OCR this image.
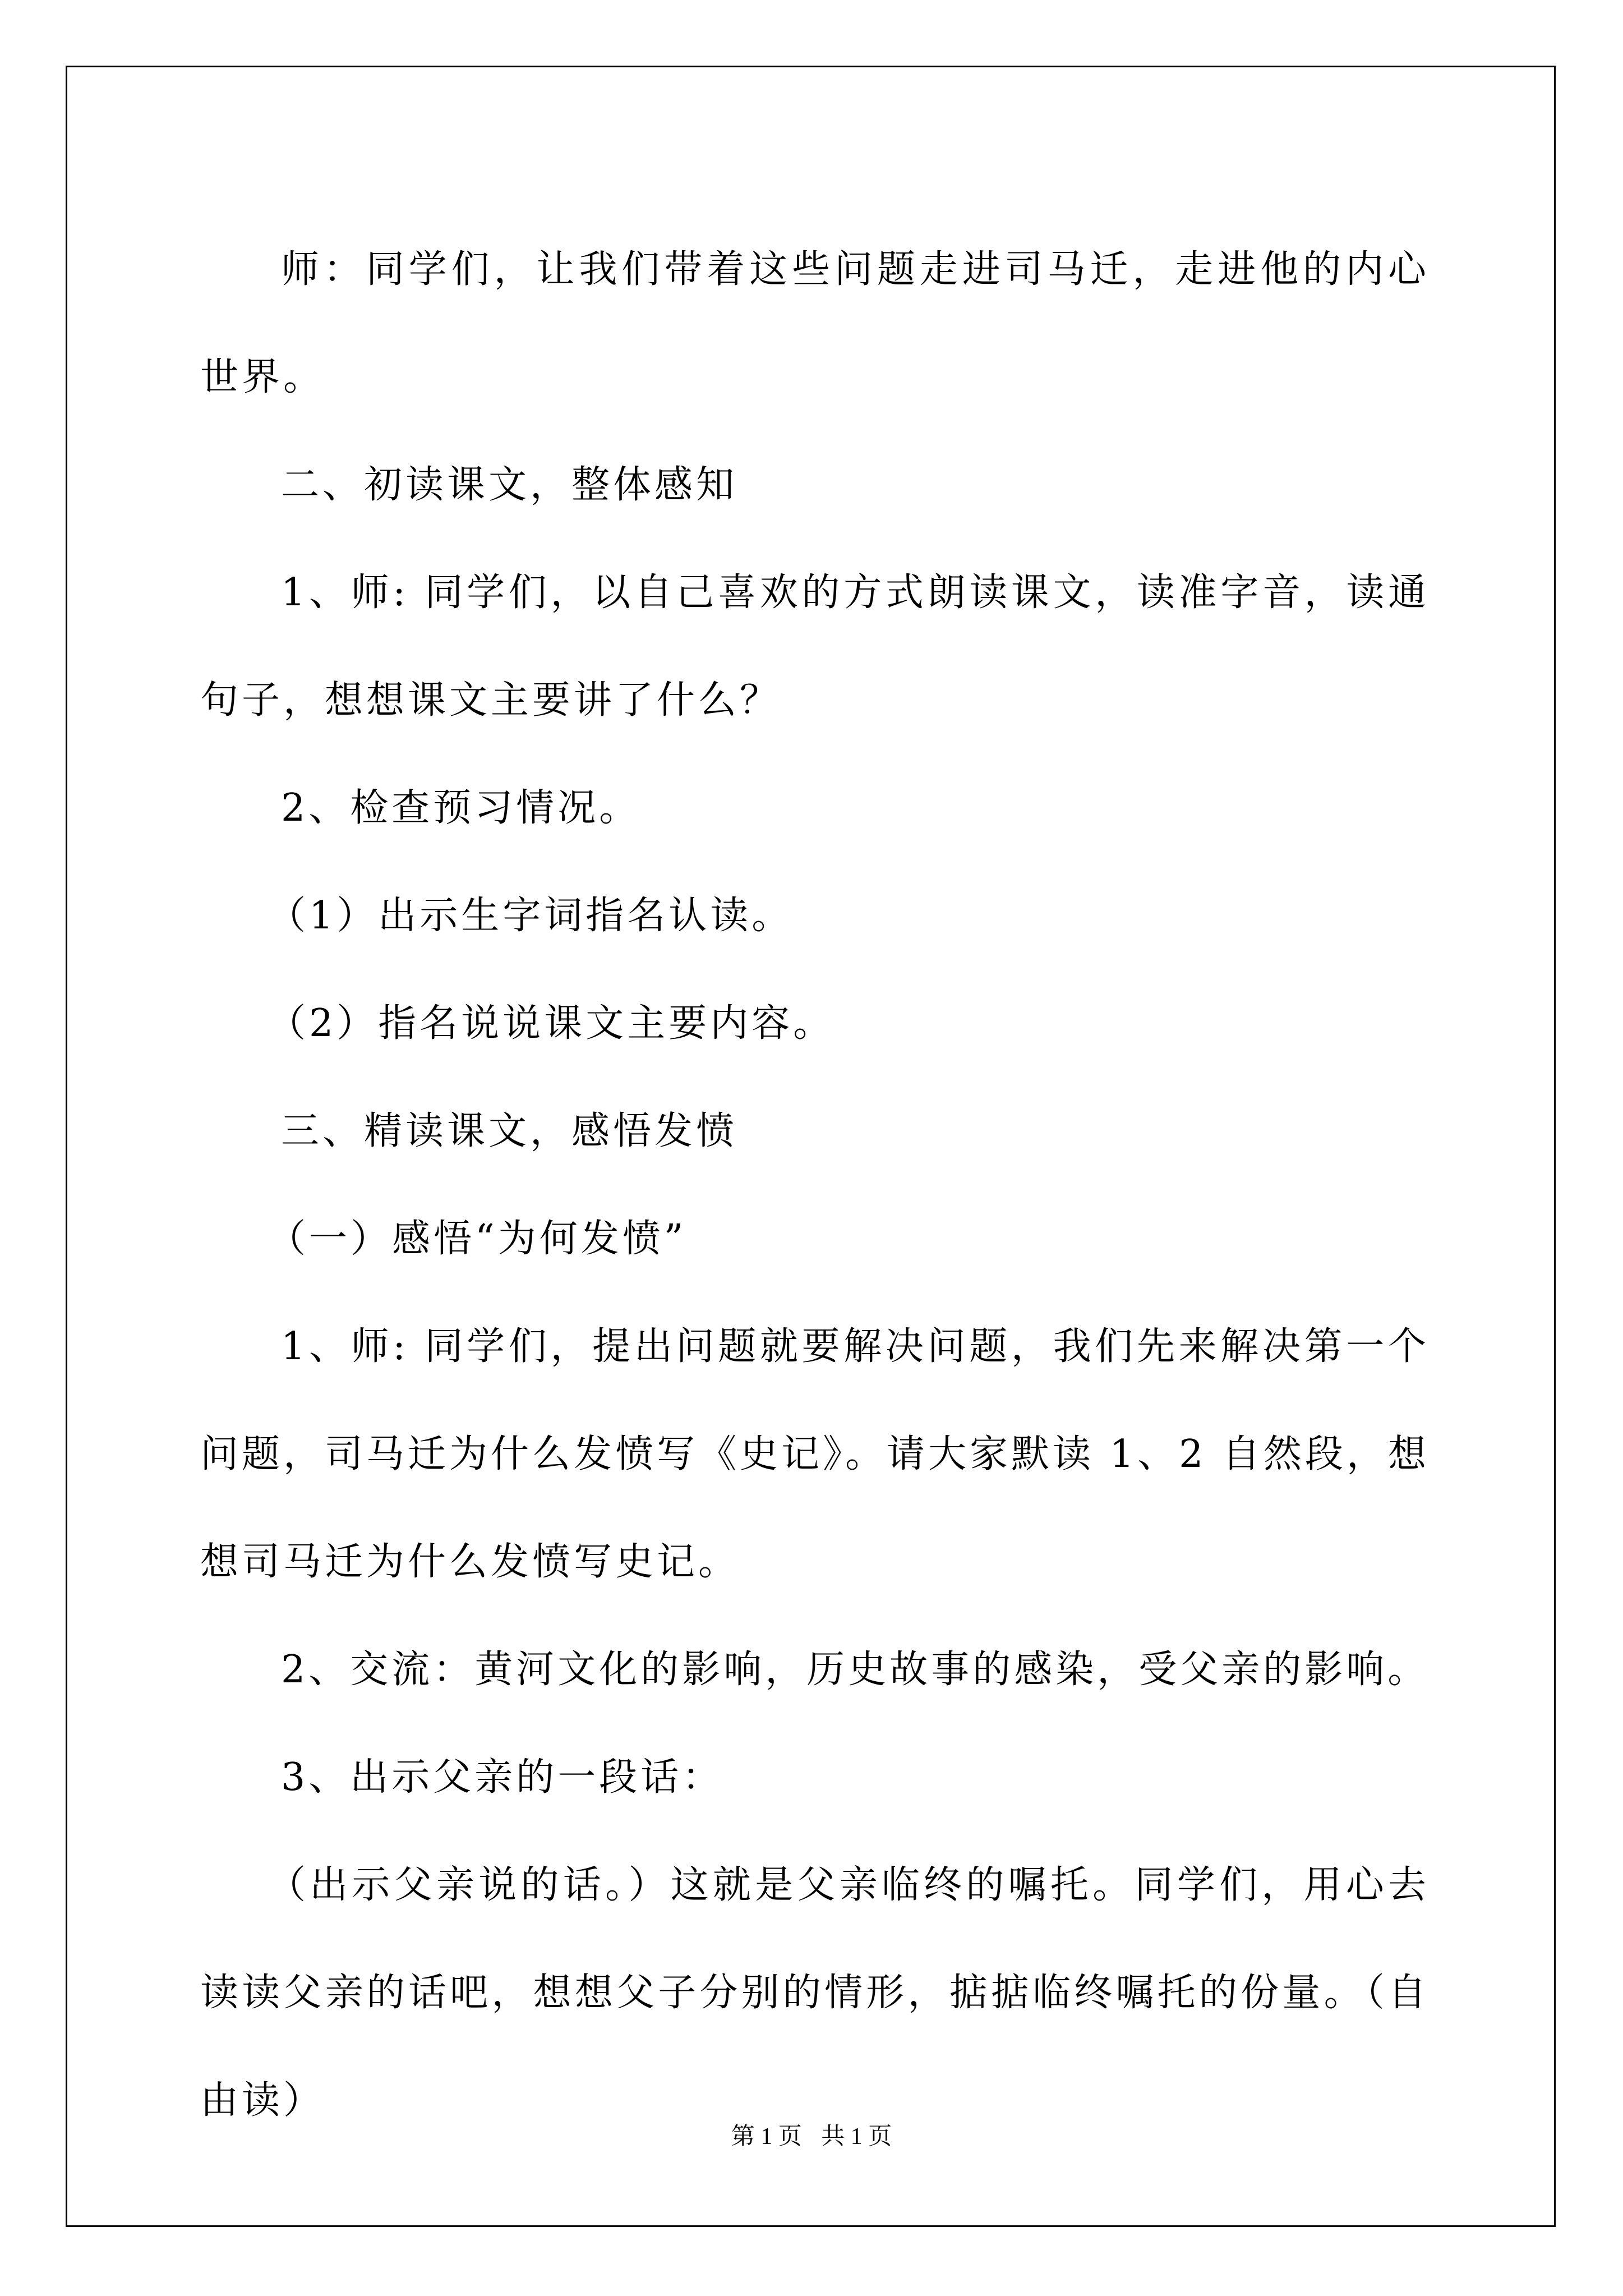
师：同学们，让我们带着这些问题走进司马迁，走进他的内心世界。

二、初读课文，整体感知

1、师: 同学们，以自己喜欢的方式朗读课文，读准字音，读通句子，想想课文主要讲了什么？

2、检查预习情况。

（1）出示生字词指名认读。

（2）指名说说课文主要内容。

三、精读课文，感悟发愤

（一）感悟“为何发愤”

1、师: 同学们，提出问题就要解决问题，我们先来解决第一个问题，司马迁为什么发愤写《史记》。请大家默读 1、2 自然段，想想司马迁为什么发愤写史记。

2、交流：黄河文化的影响，历史故事的感染，受父亲的影响。

3、出示父亲的一段话：

（出示父亲说的话。）这就是父亲临终的嘱托。同学们，用心去读读父亲的话吧，想想父子分别的情形，掂掂临终嘱托的份量。（自由读）

第 1 页 共 1 页
